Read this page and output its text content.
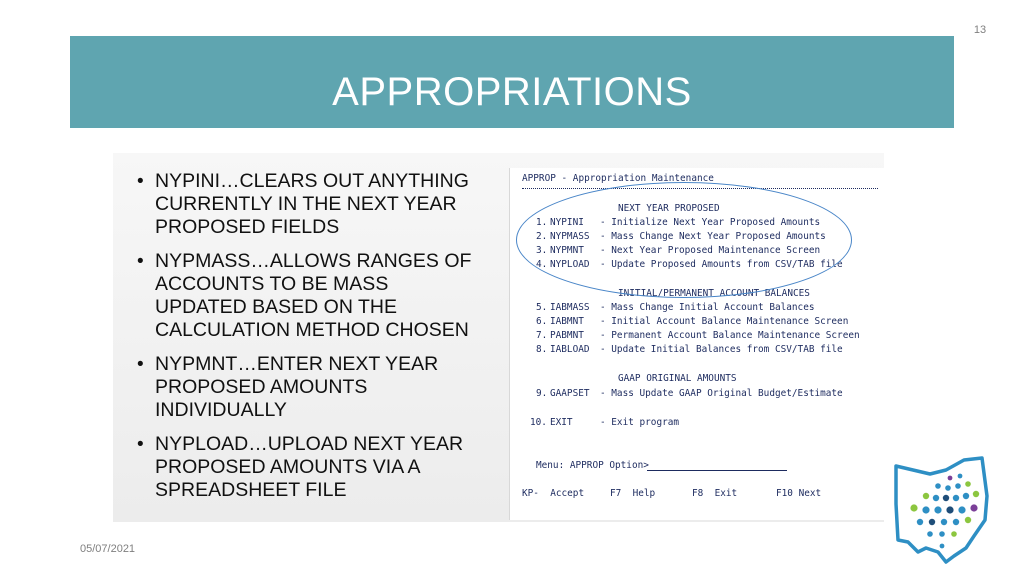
13
APPROPRIATIONS
• NYPINI…CLEARS OUT ANYTHING
CURRENTLY IN THE NEXT YEAR
PROPOSED FIELDS
• NYPMASS…ALLOWS RANGES OF
ACCOUNTS TO BE MASS
UPDATED BASED ON THE
CALCULATION METHOD CHOSEN
• NYPMNT…ENTER NEXT YEAR
PROPOSED AMOUNTS
INDIVIDUALLY
• NYPLOAD…UPLOAD NEXT YEAR
PROPOSED AMOUNTS VIA A
SPREADSHEET FILE
APPROP - Appropriation Maintenance
NEXT YEAR PROPOSED
1. NYPINI - Initialize Next Year Proposed Amounts
2. NYPMASS - Mass Change Next Year Proposed Amounts
3. NYPMNT - Next Year Proposed Maintenance Screen
4. NYPLOAD - Update Proposed Amounts from CSV/TAB file
INITIAL/PERMANENT ACCOUNT BALANCES
5. IABMASS - Mass Change Initial Account Balances
6. IABMNT - Initial Account Balance Maintenance Screen
7. PABMNT - Permanent Account Balance Maintenance Screen
8. IABLOAD - Update Initial Balances from CSV/TAB file
GAAP ORIGINAL AMOUNTS
9. GAAPSET - Mass Update GAAP Original Budget/Estimate
10. EXIT	- Exit program
Menu: APPROP Option>
KP- Accept	F7 Help	F8 Exit	F10 Next
05/07/2021
